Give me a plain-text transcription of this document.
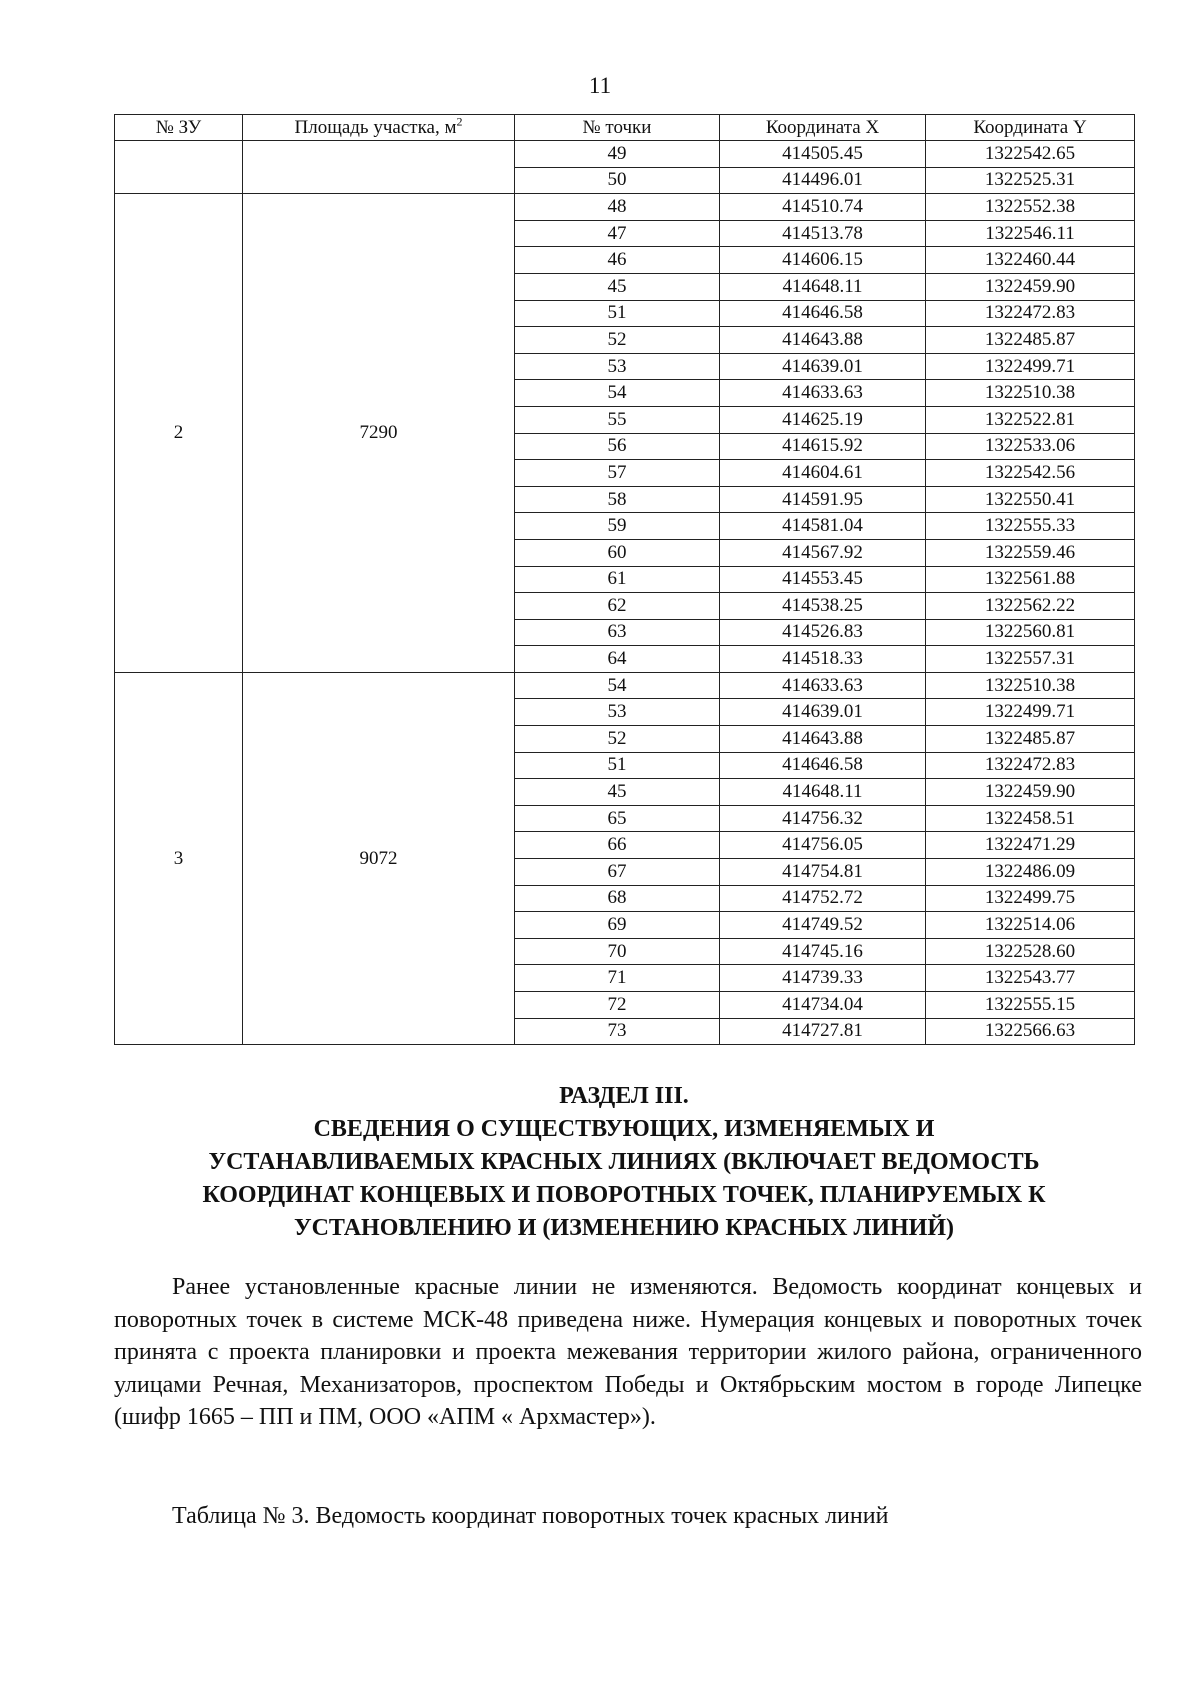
11
№ ЗУ	Площадь участка, $м^2$	№ точки	Координата X	Координата Y
		49	414505.45	1322542.65
		50	414496.01	1322525.31
2	7290	48	414510.74	1322552.38
		47	414513.78	1322546.11
		46	414606.15	1322460.44
		45	414648.11	1322459.90
		51	414646.58	1322472.83
		52	414643.88	1322485.87
		53	414639.01	1322499.71
		54	414633.63	1322510.38
		55	414625.19	1322522.81
		56	414615.92	1322533.06
		57	414604.61	1322542.56
		58	414591.95	1322550.41
		59	414581.04	1322555.33
		60	414567.92	1322559.46
		61	414553.45	1322561.88
		62	414538.25	1322562.22
		63	414526.83	1322560.81
		64	414518.33	1322557.31
3	9072	54	414633.63	1322510.38
		53	414639.01	1322499.71
		52	414643.88	1322485.87
		51	414646.58	1322472.83
		45	414648.11	1322459.90
		65	414756.32	1322458.51
		66	414756.05	1322471.29
		67	414754.81	1322486.09
		68	414752.72	1322499.75
		69	414749.52	1322514.06
		70	414745.16	1322528.60
		71	414739.33	1322543.77
		72	414734.04	1322555.15
		73	414727.81	1322566.63
РАЗДЕЛ III.
СВЕДЕНИЯ О СУЩЕСТВУЮЩИХ, ИЗМЕНЯЕМЫХ И
УСТАНАВЛИВАЕМЫХ КРАСНЫХ ЛИНИЯХ (ВКЛЮЧАЕТ ВЕДОМОСТЬ
КООРДИНАТ КОНЦЕВЫХ И ПОВОРОТНЫХ ТОЧЕК, ПЛАНИРУЕМЫХ К
УСТАНОВЛЕНИЮ И (ИЗМЕНЕНИЮ КРАСНЫХ ЛИНИЙ)

Ранее установленные красные линии не изменяются. Ведомость координат концевых и поворотных точек в системе МСК-48 приведена ниже. Нумерация концевых и поворотных точек принята с проекта планировки и проекта межевания территории жилого района, ограниченного улицами Речная, Механизаторов, проспектом Победы и Октябрьским мостом в городе Липецке (шифр 1665 – ПП и ПМ, ООО «АПМ « Архмастер»).

Таблица № 3. Ведомость координат поворотных точек красных линий
